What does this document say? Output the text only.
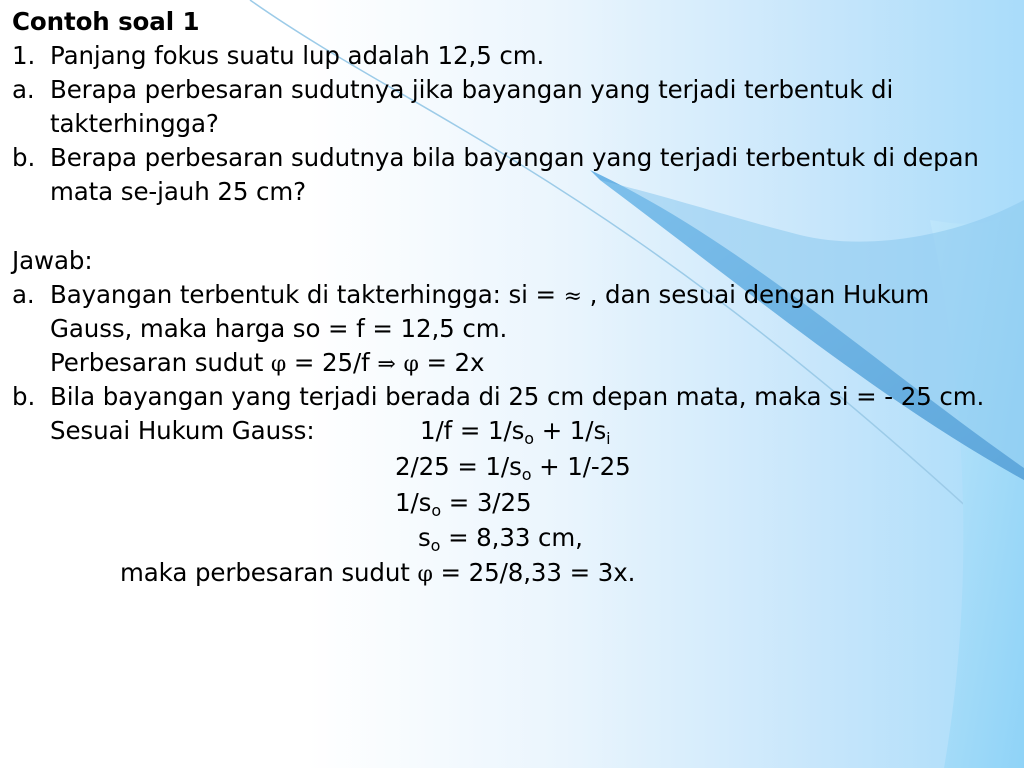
Contoh soal 1
1. Panjang fokus suatu lup adalah 12,5 cm.
a. Berapa perbesaran sudutnya jika bayangan yang terjadi terbentuk di
takterhingga?
b. Berapa perbesaran sudutnya bila bayangan yang terjadi terbentuk di depan
mata se-jauh 25 cm?
Jawab:
a. Bayangan terbentuk di takterhingga: si = ≈ , dan sesuai dengan Hukum
Gauss, maka harga so = f = 12,5 cm.
Perbesaran sudut φ = 25/f ⇒ φ = 2x
b. Bila bayangan yang terjadi berada di 25 cm depan mata, maka si = - 25 cm.
Sesuai Hukum Gauss:	$1/f = 1/s_o + 1/s_i$
$2/25 = 1/s_o + 1/-25$
$1/s_o = 3/25$
$s_o = 8,33$ cm,
maka perbesaran sudut φ = 25/8,33 = 3x.
